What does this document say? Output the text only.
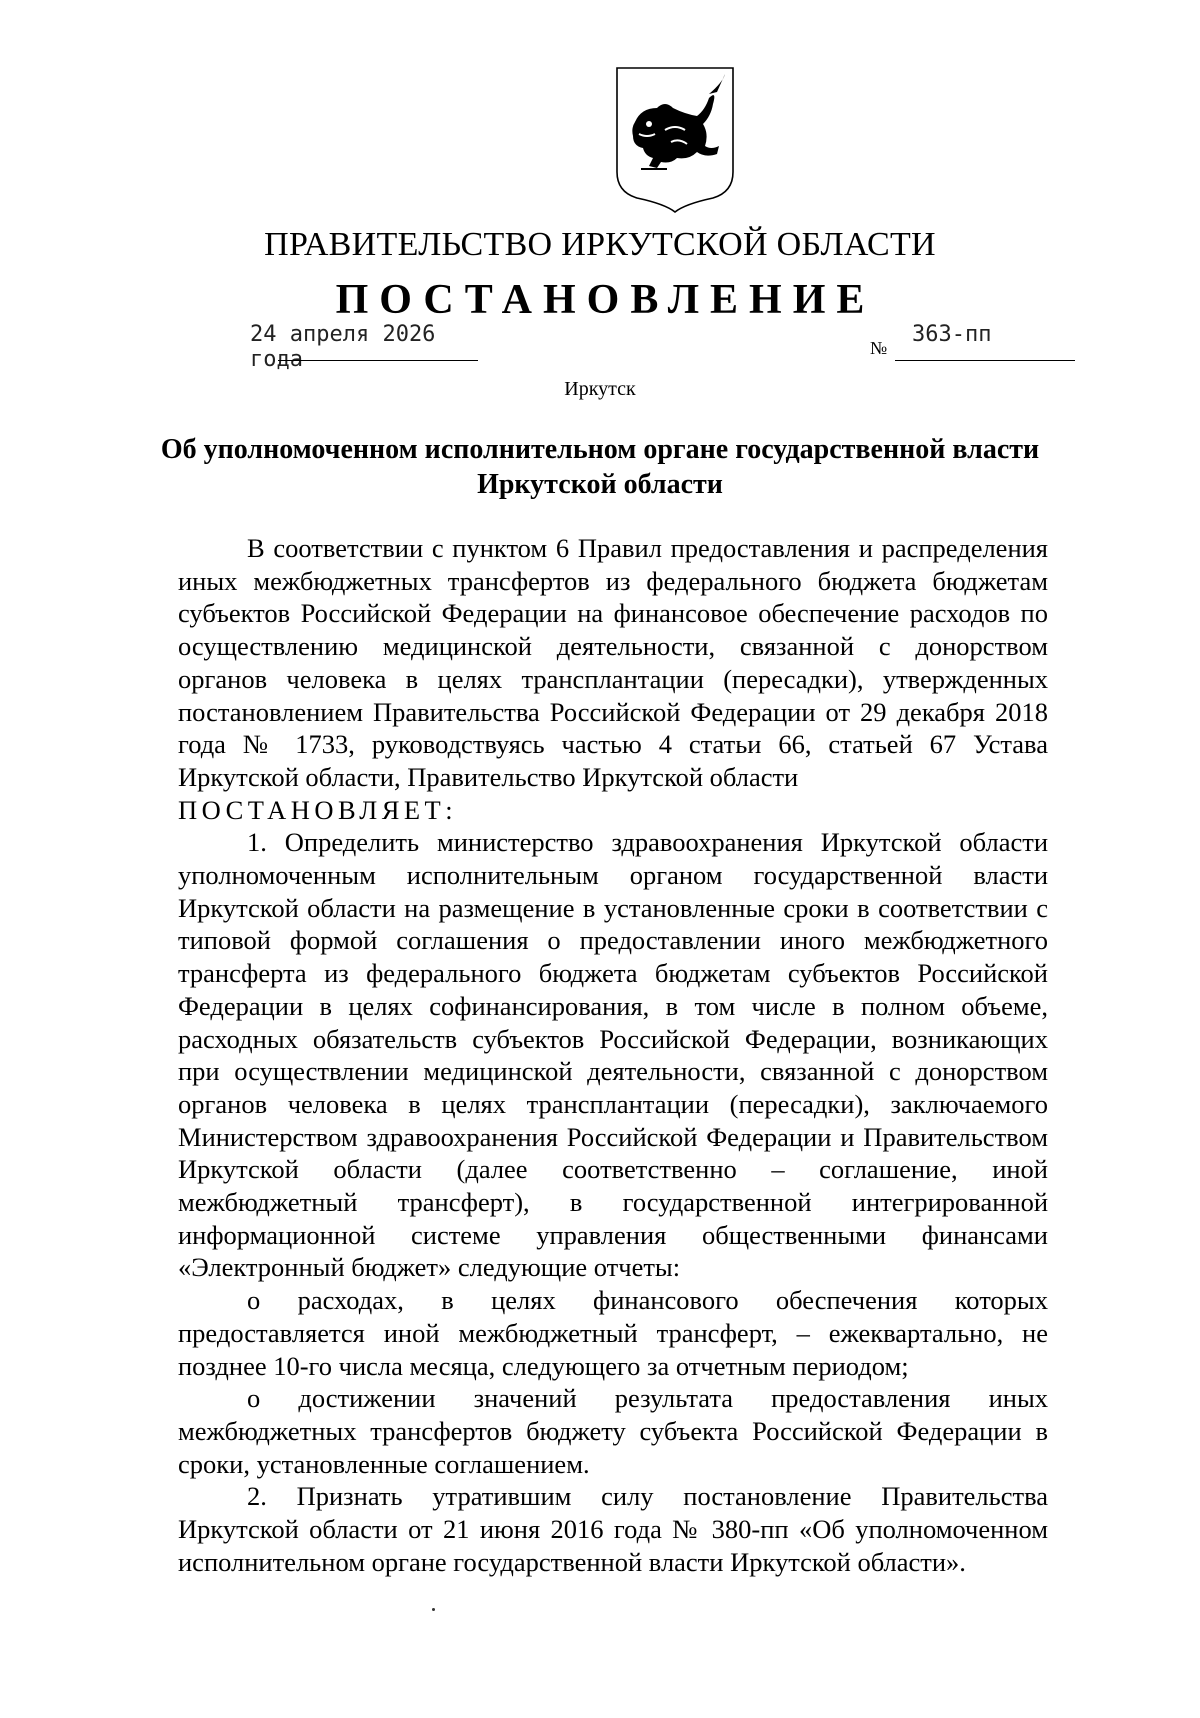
ПРАВИТЕЛЬСТВО ИРКУТСКОЙ ОБЛАСТИ
ПОСТАНОВЛЕНИЕ
24 апреля 2026 года	№
363-пп
Иркутск
Об уполномоченном исполнительном органе государственной власти
Иркутской области

В соответствии с пунктом 6 Правил предоставления и распределения иных межбюджетных трансфертов из федерального бюджета бюджетам субъектов Российской Федерации на финансовое обеспечение расходов по осуществлению медицинской деятельности, связанной с донорством органов человека в целях трансплантации (пересадки), утвержденных постановлением Правительства Российской Федерации от 29 декабря 2018 года № 1733, руководствуясь частью 4 статьи 66, статьей 67 Устава Иркутской области, Правительство Иркутской области

ПОСТАНОВЛЯЕТ:

1. Определить министерство здравоохранения Иркутской области уполномоченным исполнительным органом государственной власти Иркутской области на размещение в установленные сроки в соответствии с типовой формой соглашения о предоставлении иного межбюджетного трансферта из федерального бюджета бюджетам субъектов Российской Федерации в целях софинансирования, в том числе в полном объеме, расходных обязательств субъектов Российской Федерации, возникающих при осуществлении медицинской деятельности, связанной с донорством органов человека в целях трансплантации (пересадки), заключаемого Министерством здравоохранения Российской Федерации и Правительством Иркутской области (далее соответственно – соглашение, иной межбюджетный трансферт), в государственной интегрированной информационной системе управления общественными финансами «Электронный бюджет» следующие отчеты:

о расходах, в целях финансового обеспечения которых предоставляется иной межбюджетный трансферт, – ежеквартально, не позднее 10-го числа месяца, следующего за отчетным периодом;

о достижении значений результата предоставления иных межбюджетных трансфертов бюджету субъекта Российской Федерации в сроки, установленные соглашением.

2. Признать утратившим силу постановление Правительства Иркутской области от 21 июня 2016 года № 380-пп «Об уполномоченном исполнительном органе государственной власти Иркутской области».
